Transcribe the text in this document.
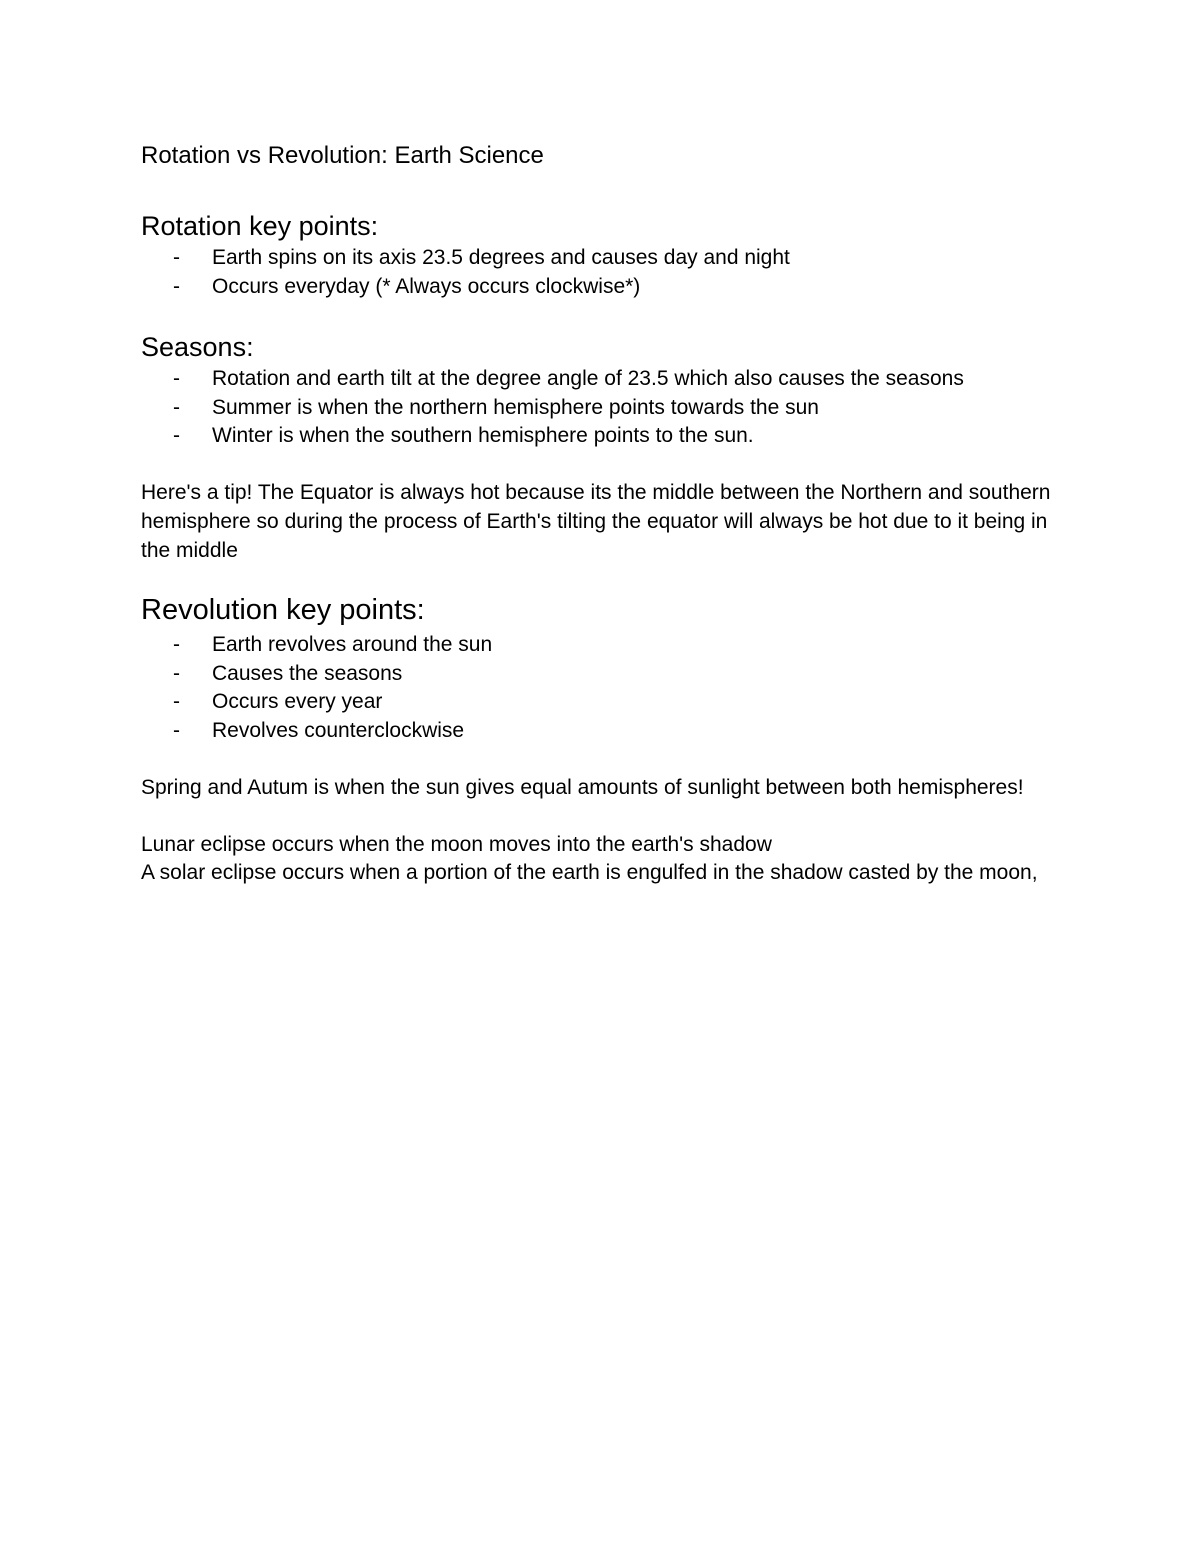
Rotation vs Revolution: Earth Science
Rotation key points:
- Earth spins on its axis 23.5 degrees and causes day and night
- Occurs everyday (* Always occurs clockwise*)
Seasons:
- Rotation and earth tilt at the degree angle of 23.5 which also causes the seasons
- Summer is when the northern hemisphere points towards the sun
- Winter is when the southern hemisphere points to the sun.

Here's a tip! The Equator is always hot because its the middle between the Northern and southern hemisphere so during the process of Earth's tilting the equator will always be hot due to it being in the middle

Revolution key points:
- Earth revolves around the sun
- Causes the seasons
- Occurs every year
- Revolves counterclockwise

Spring and Autum is when the sun gives equal amounts of sunlight between both hemispheres!

Lunar eclipse occurs when the moon moves into the earth's shadow

A solar eclipse occurs when a portion of the earth is engulfed in the shadow casted by the moon,
